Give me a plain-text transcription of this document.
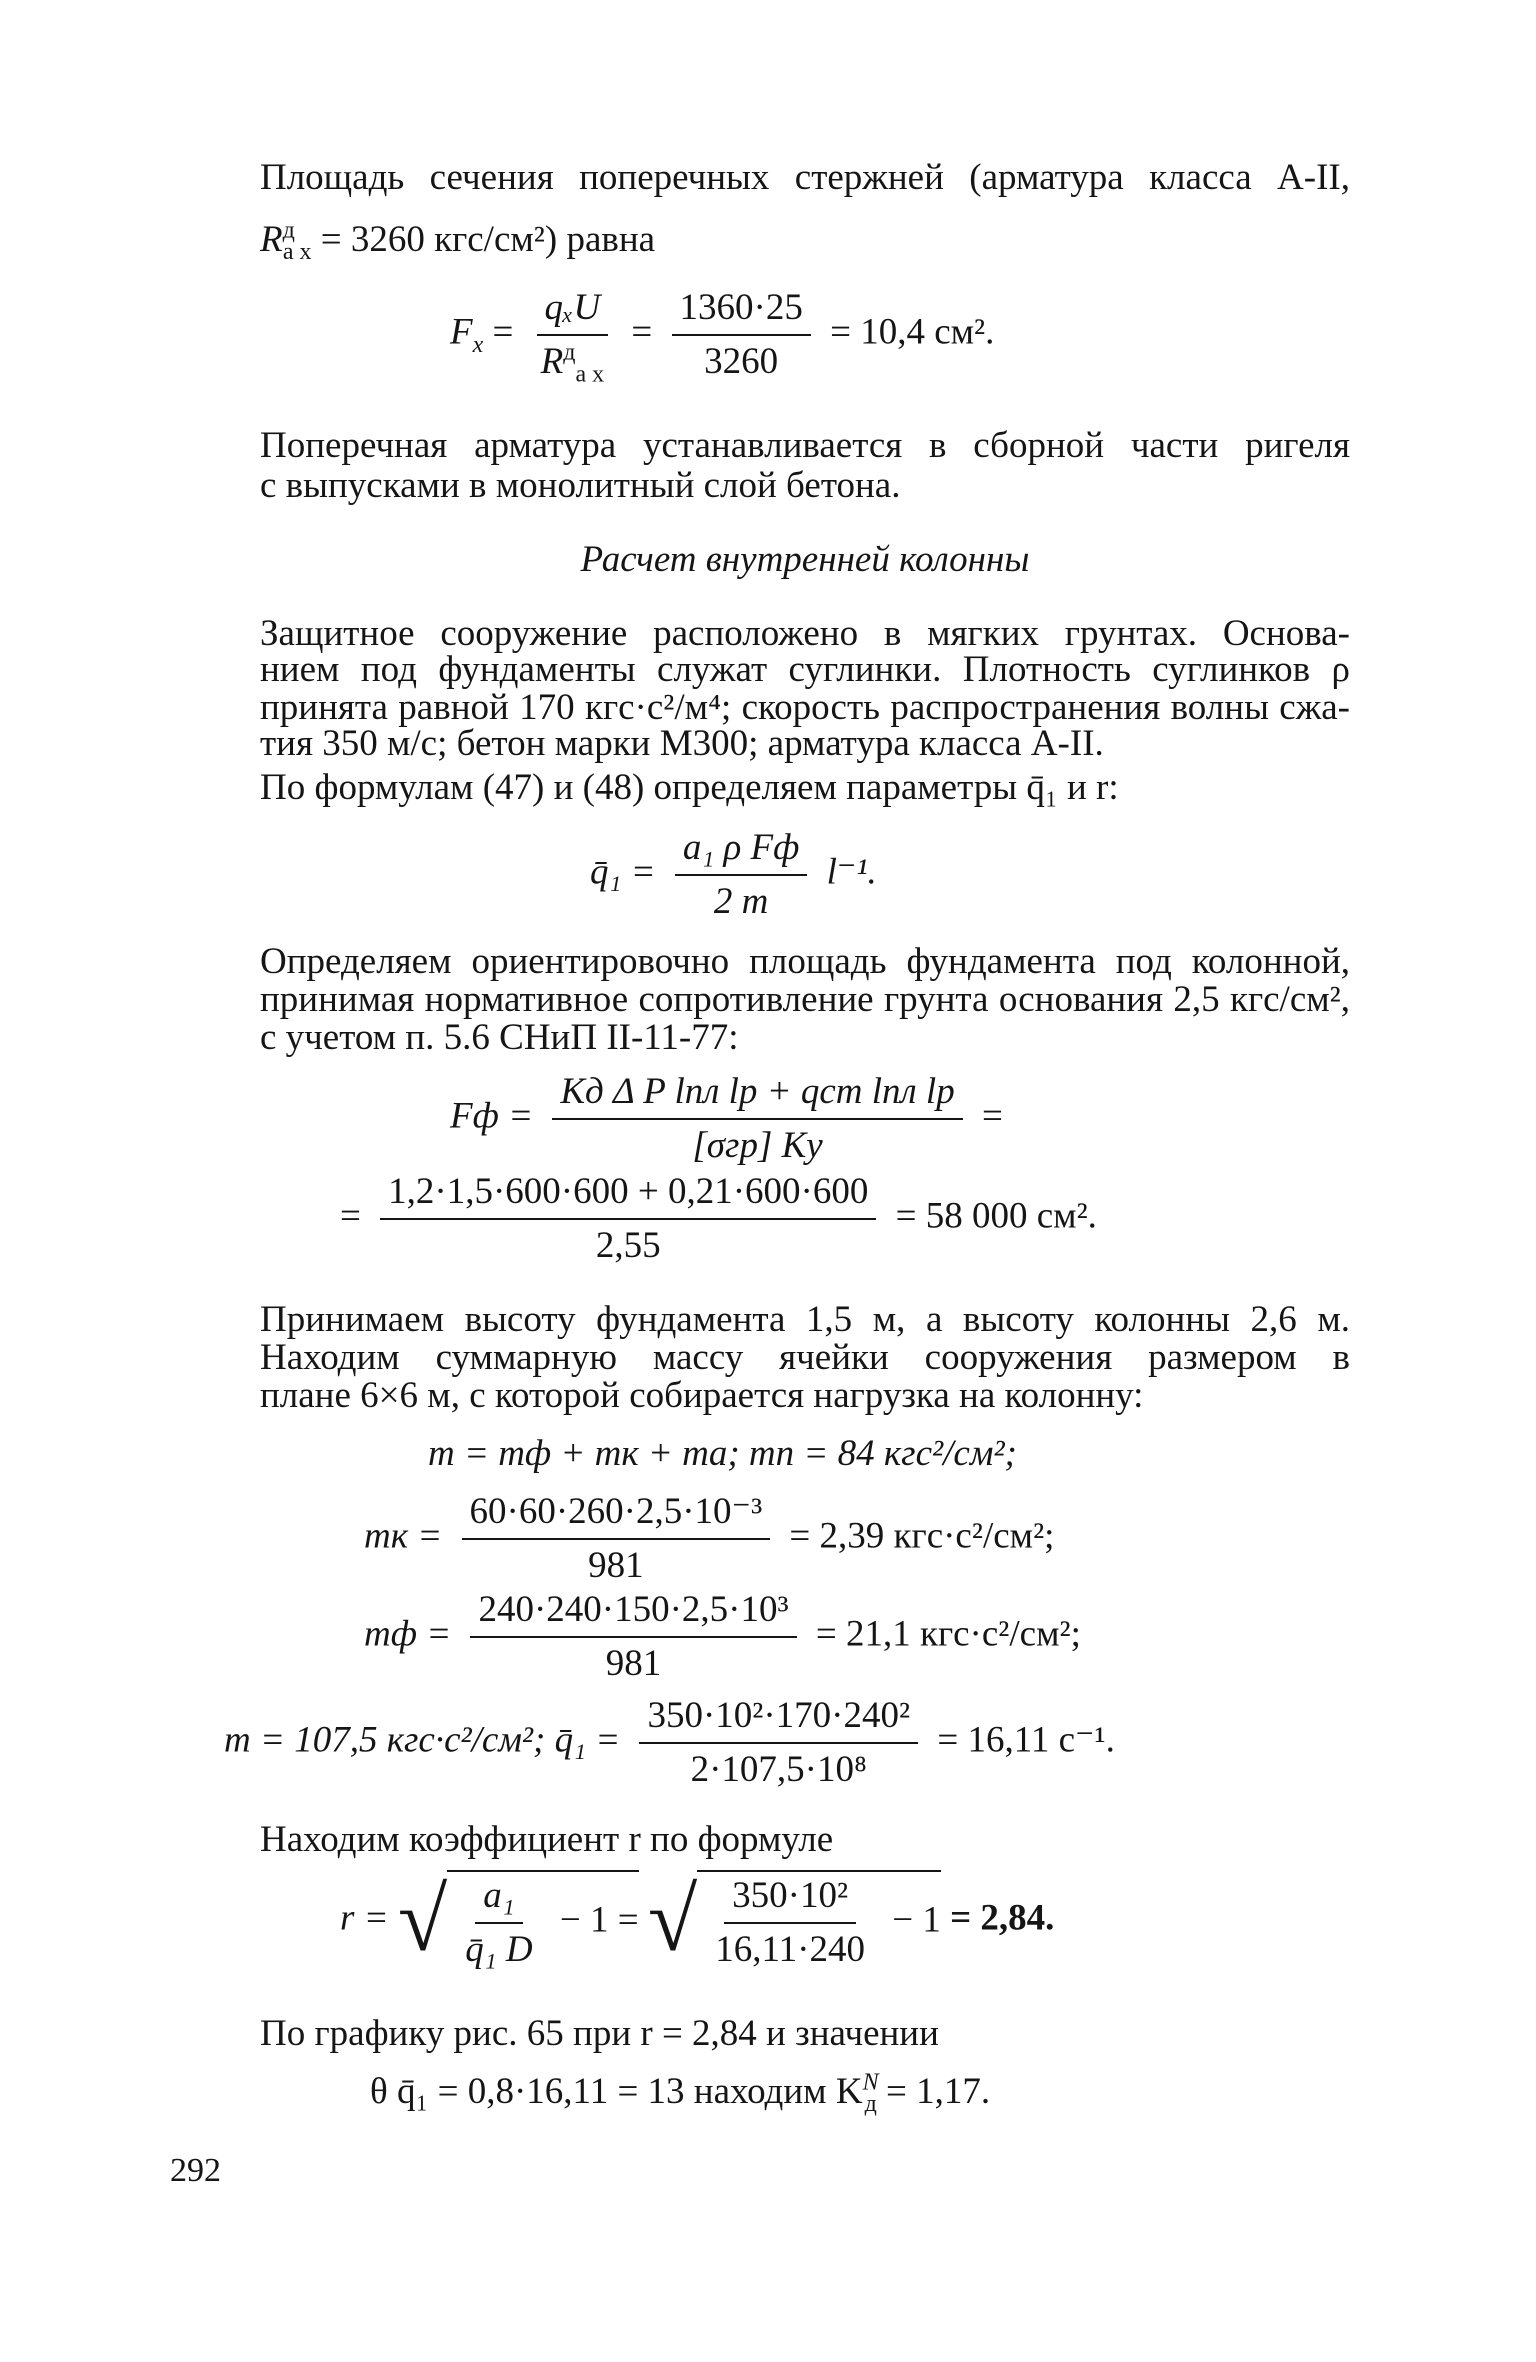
Площадь сечения поперечных стержней (арматура класса А-II,
$R^д_{а x} = 3260$ кгс/см²) равна
$F_x = \frac{\text{qₓU}}{R^д_{а x}} = \frac{1360\cdot 25}{3260} = 10,4$ см².
Поперечная арматура устанавливается в сборной части ригеля
с выпусками в монолитный слой бетона.
Расчет внутренней колонны
Защитное сооружение расположено в мягких грунтах. Основа-
нием под фундаменты служат суглинки. Плотность суглинков ρ
принята равной 170 кгс·с²/м⁴; скорость распространения волны сжа-
тия 350 м/с; бетон марки М300; арматура класса А-II.
По формулам (47) и (48) определяем параметры q̄₁ и r:
q̄₁ = $\frac{\text{a₁ ρ Fф}}{2 m} l^{-1}$.
Определяем ориентировочно площадь фундамента под колонной,
принимая нормативное сопротивление грунта основания 2,5 кгс/см²,
с учетом п. 5.6 СНиП II-11-77:
Fф = $\frac{\text{Kд Δ P lпл lр + qст lпл lр}}{\text{[σгр] Kу}}$ =
= $\frac{1,2\cdot 1,5\cdot 600\cdot 600 + 0,21\cdot 600\cdot 600}{2,55} = 58$ 000 см².
Принимаем высоту фундамента 1,5 м, а высоту колонны 2,6 м.
Находим суммарную массу ячейки сооружения размером в
плане 6×6 м, с которой собирается нагрузка на колонну:
m = mф + mк + mа; mп = 84 кгс²/см²;
mк = $\frac{\text{60·60·260·2,5·10⁻³}}{981} = 2,39$ кгс·с²/см²;
mф = $\frac{\text{240·240·150·2,5·10³}}{981} = 21,1$ кгс·с²/см²;
m = 107,5 кгс·с²/см²; q̄₁ = $\frac{\text{350·10²·170·240²}}{\text{2·107,5·10⁸}} = 16,11$ с⁻¹.
Находим коэффициент r по формуле
r = √ $\frac{\text{a₁}}{\text{q̄₁ D}} - 1$ = √ $\frac{\text{350·10²}}{16,11\cdot 240} - 1 = 2,84$.
По графику рис. 65 при r = 2,84 и значении
θ q̄₁ = 0,8·16,11 = 13 находим $K^N_д = 1,17$.
292
